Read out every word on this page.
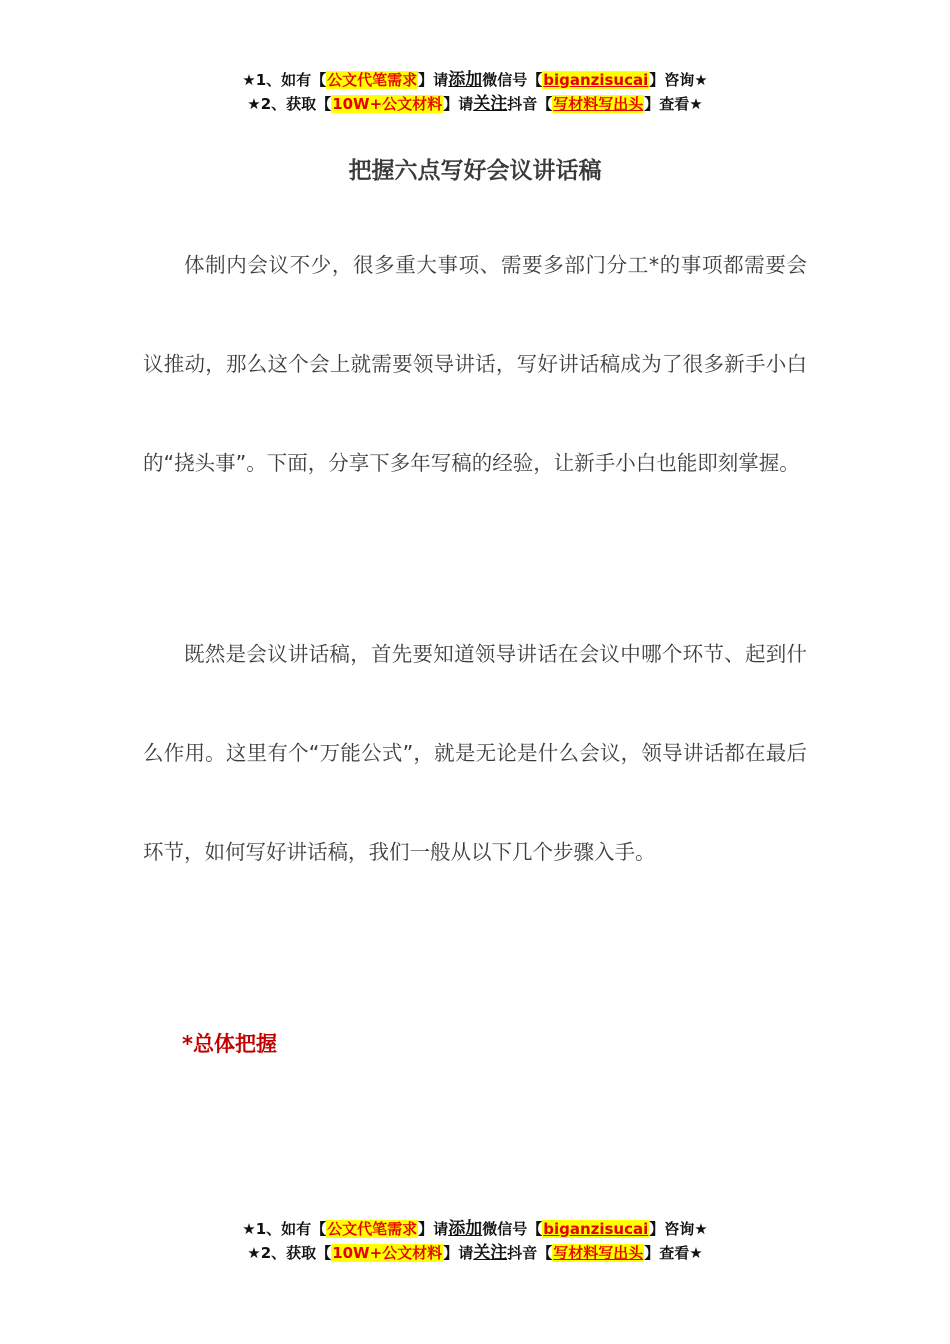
★1、如有【公文代笔需求】请添加微信号【biganzisucai】咨询★
★2、获取【10W+公文材料】请关注抖音【写材料写出头】查看★
把握六点写好会议讲话稿

体制内会议不少，很多重大事项、需要多部门分工*的事项都需要会议推动，那么这个会上就需要领导讲话，写好讲话稿成为了很多新手小白的“挠头事”。下面，分享下多年写稿的经验，让新手小白也能即刻掌握。

既然是会议讲话稿，首先要知道领导讲话在会议中哪个环节、起到什么作用。这里有个“万能公式”，就是无论是什么会议，领导讲话都在最后环节，如何写好讲话稿，我们一般从以下几个步骤入手。

*总体把握

★1、如有【公文代笔需求】请添加微信号【biganzisucai】咨询★
★2、获取【10W+公文材料】请关注抖音【写材料写出头】查看★
